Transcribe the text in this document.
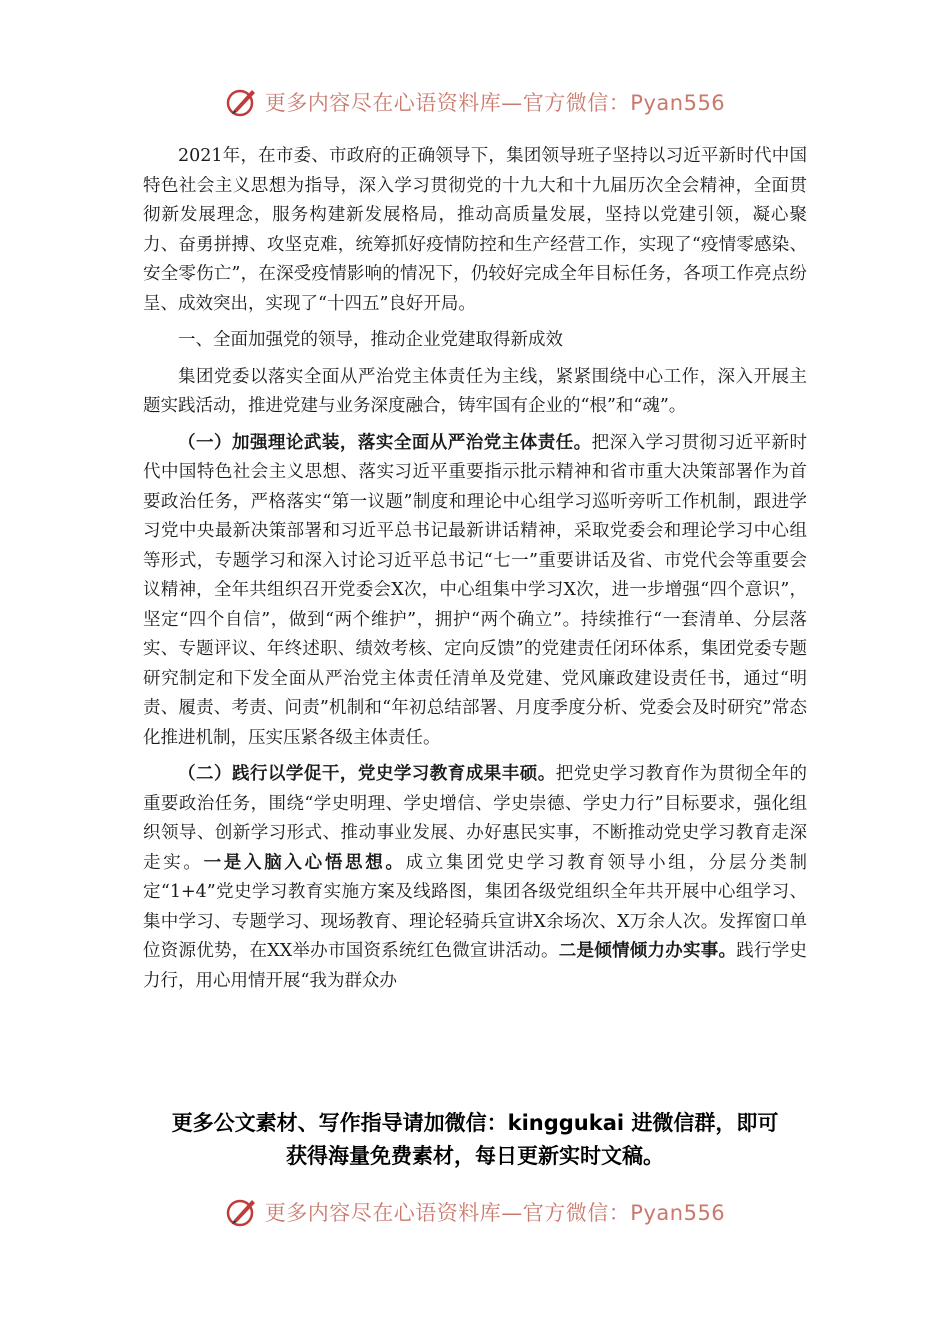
更多内容尽在心语资料库—官方微信：Pyan556

2021年，在市委、市政府的正确领导下，集团领导班子坚持以习近平新时代中国特色社会主义思想为指导，深入学习贯彻党的十九大和十九届历次全会精神，全面贯彻新发展理念，服务构建新发展格局，推动高质量发展，坚持以党建引领，凝心聚力、奋勇拼搏、攻坚克难，统筹抓好疫情防控和生产经营工作，实现了“疫情零感染、安全零伤亡”，在深受疫情影响的情况下，仍较好完成全年目标任务，各项工作亮点纷呈、成效突出，实现了“十四五”良好开局。

一、全面加强党的领导，推动企业党建取得新成效

集团党委以落实全面从严治党主体责任为主线，紧紧围绕中心工作，深入开展主题实践活动，推进党建与业务深度融合，铸牢国有企业的“根”和“魂”。

（一）加强理论武装，落实全面从严治党主体责任。把深入学习贯彻习近平新时代中国特色社会主义思想、落实习近平重要指示批示精神和省市重大决策部署作为首要政治任务，严格落实“第一议题”制度和理论中心组学习巡听旁听工作机制，跟进学习党中央最新决策部署和习近平总书记最新讲话精神，采取党委会和理论学习中心组等形式，专题学习和深入讨论习近平总书记“七一”重要讲话及省、市党代会等重要会议精神，全年共组织召开党委会X次，中心组集中学习X次，进一步增强“四个意识”，坚定“四个自信”，做到“两个维护”，拥护“两个确立”。持续推行“一套清单、分层落实、专题评议、年终述职、绩效考核、定向反馈”的党建责任闭环体系，集团党委专题研究制定和下发全面从严治党主体责任清单及党建、党风廉政建设责任书，通过“明责、履责、考责、问责”机制和“年初总结部署、月度季度分析、党委会及时研究”常态化推进机制，压实压紧各级主体责任。

（二）践行以学促干，党史学习教育成果丰硕。把党史学习教育作为贯彻全年的重要政治任务，围绕“学史明理、学史增信、学史崇德、学史力行”目标要求，强化组织领导、创新学习形式、推动事业发展、办好惠民实事，不断推动党史学习教育走深走实。一是入脑入心悟思想。成立集团党史学习教育领导小组，分层分类制定“1+4”党史学习教育实施方案及线路图，集团各级党组织全年共开展中心组学习、集中学习、专题学习、现场教育、理论轻骑兵宣讲X余场次、X万余人次。发挥窗口单位资源优势，在XX举办市国资系统红色微宣讲活动。二是倾情倾力办实事。践行学史力行，用心用情开展“我为群众办

更多公文素材、写作指导请加微信：kinggukai 进微信群，即可
获得海量免费素材，每日更新实时文稿。
更多内容尽在心语资料库—官方微信：Pyan556
